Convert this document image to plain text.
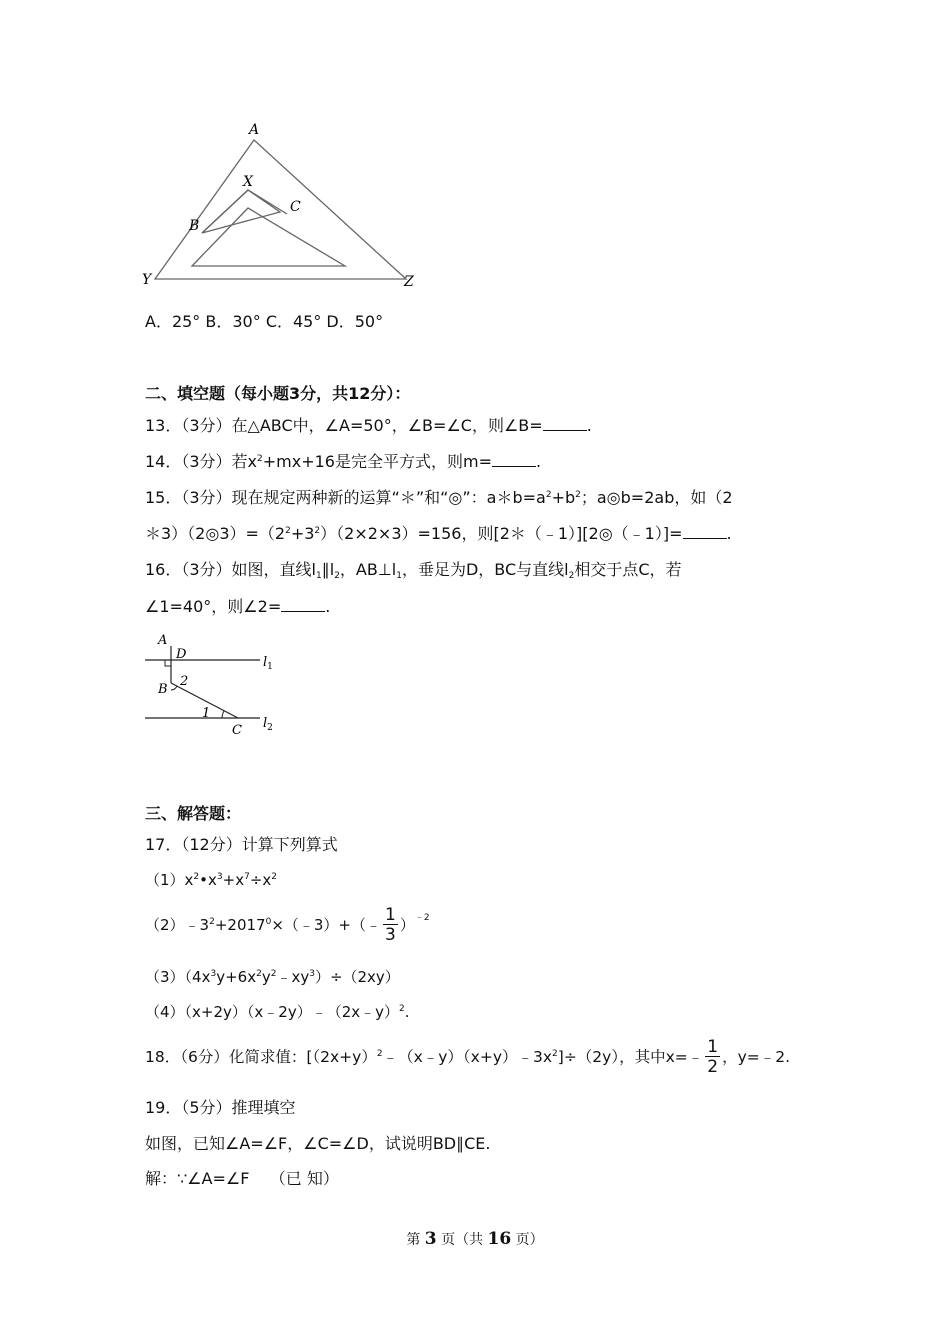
A
X
B
C
Y	Z
A．25° B．30° C．45° D．50°
二、填空题（每小题3分，共12分）：
13．（3分）在△ABC中，∠A=50°，∠B=∠C，则∠B=	.
14．（3分）若$x^2+mx+16$是完全平方式，则m=	.
15．（3分）现在规定两种新的运算“＊”和“◎”：$a*b=a^2+b^2$；a◎b=2ab，如（2
$*3)(2◎3)=(2^2+3^2)(2\times 2\times 3)=156$，则[2＊（﹣1）][2◎（﹣1）]=	.
16．（3分）如图，直线$l_1\parallel l_2$，$AB\perp l_1$，垂足为D，BC与直线$l_2$相交于点C，若
∠1=40°，则∠2=	.
A
D
$l_1$
2
B
1
$l_2$
C
三、解答题：
17．（12分）计算下列算式
$(1)x^2•x^3+x^7\div x^2$
$(2)﹣3^2+2017^0\times(﹣3)+(﹣ \frac{1}{3} )^{﹣2}$
$(3)(4x^3y+6x^2y^2﹣xy^3)\div(2xy)$
（4）（x+2y）（x﹣2y）﹣（2x﹣y）$^2$.
18．（6分）化简求值：$[(2x+y)^2﹣(x﹣y)(x+y)﹣3x^2]\div(2y)$，其中x=﹣ $\frac{1}{2}$ ，y=﹣2.
19．（5分）推理填空
如图，已知∠A=∠F，∠C=∠D，试说明BD∥CE.
解：∵∠A=∠F    （已 知）
第 3 页（共 16 页）
